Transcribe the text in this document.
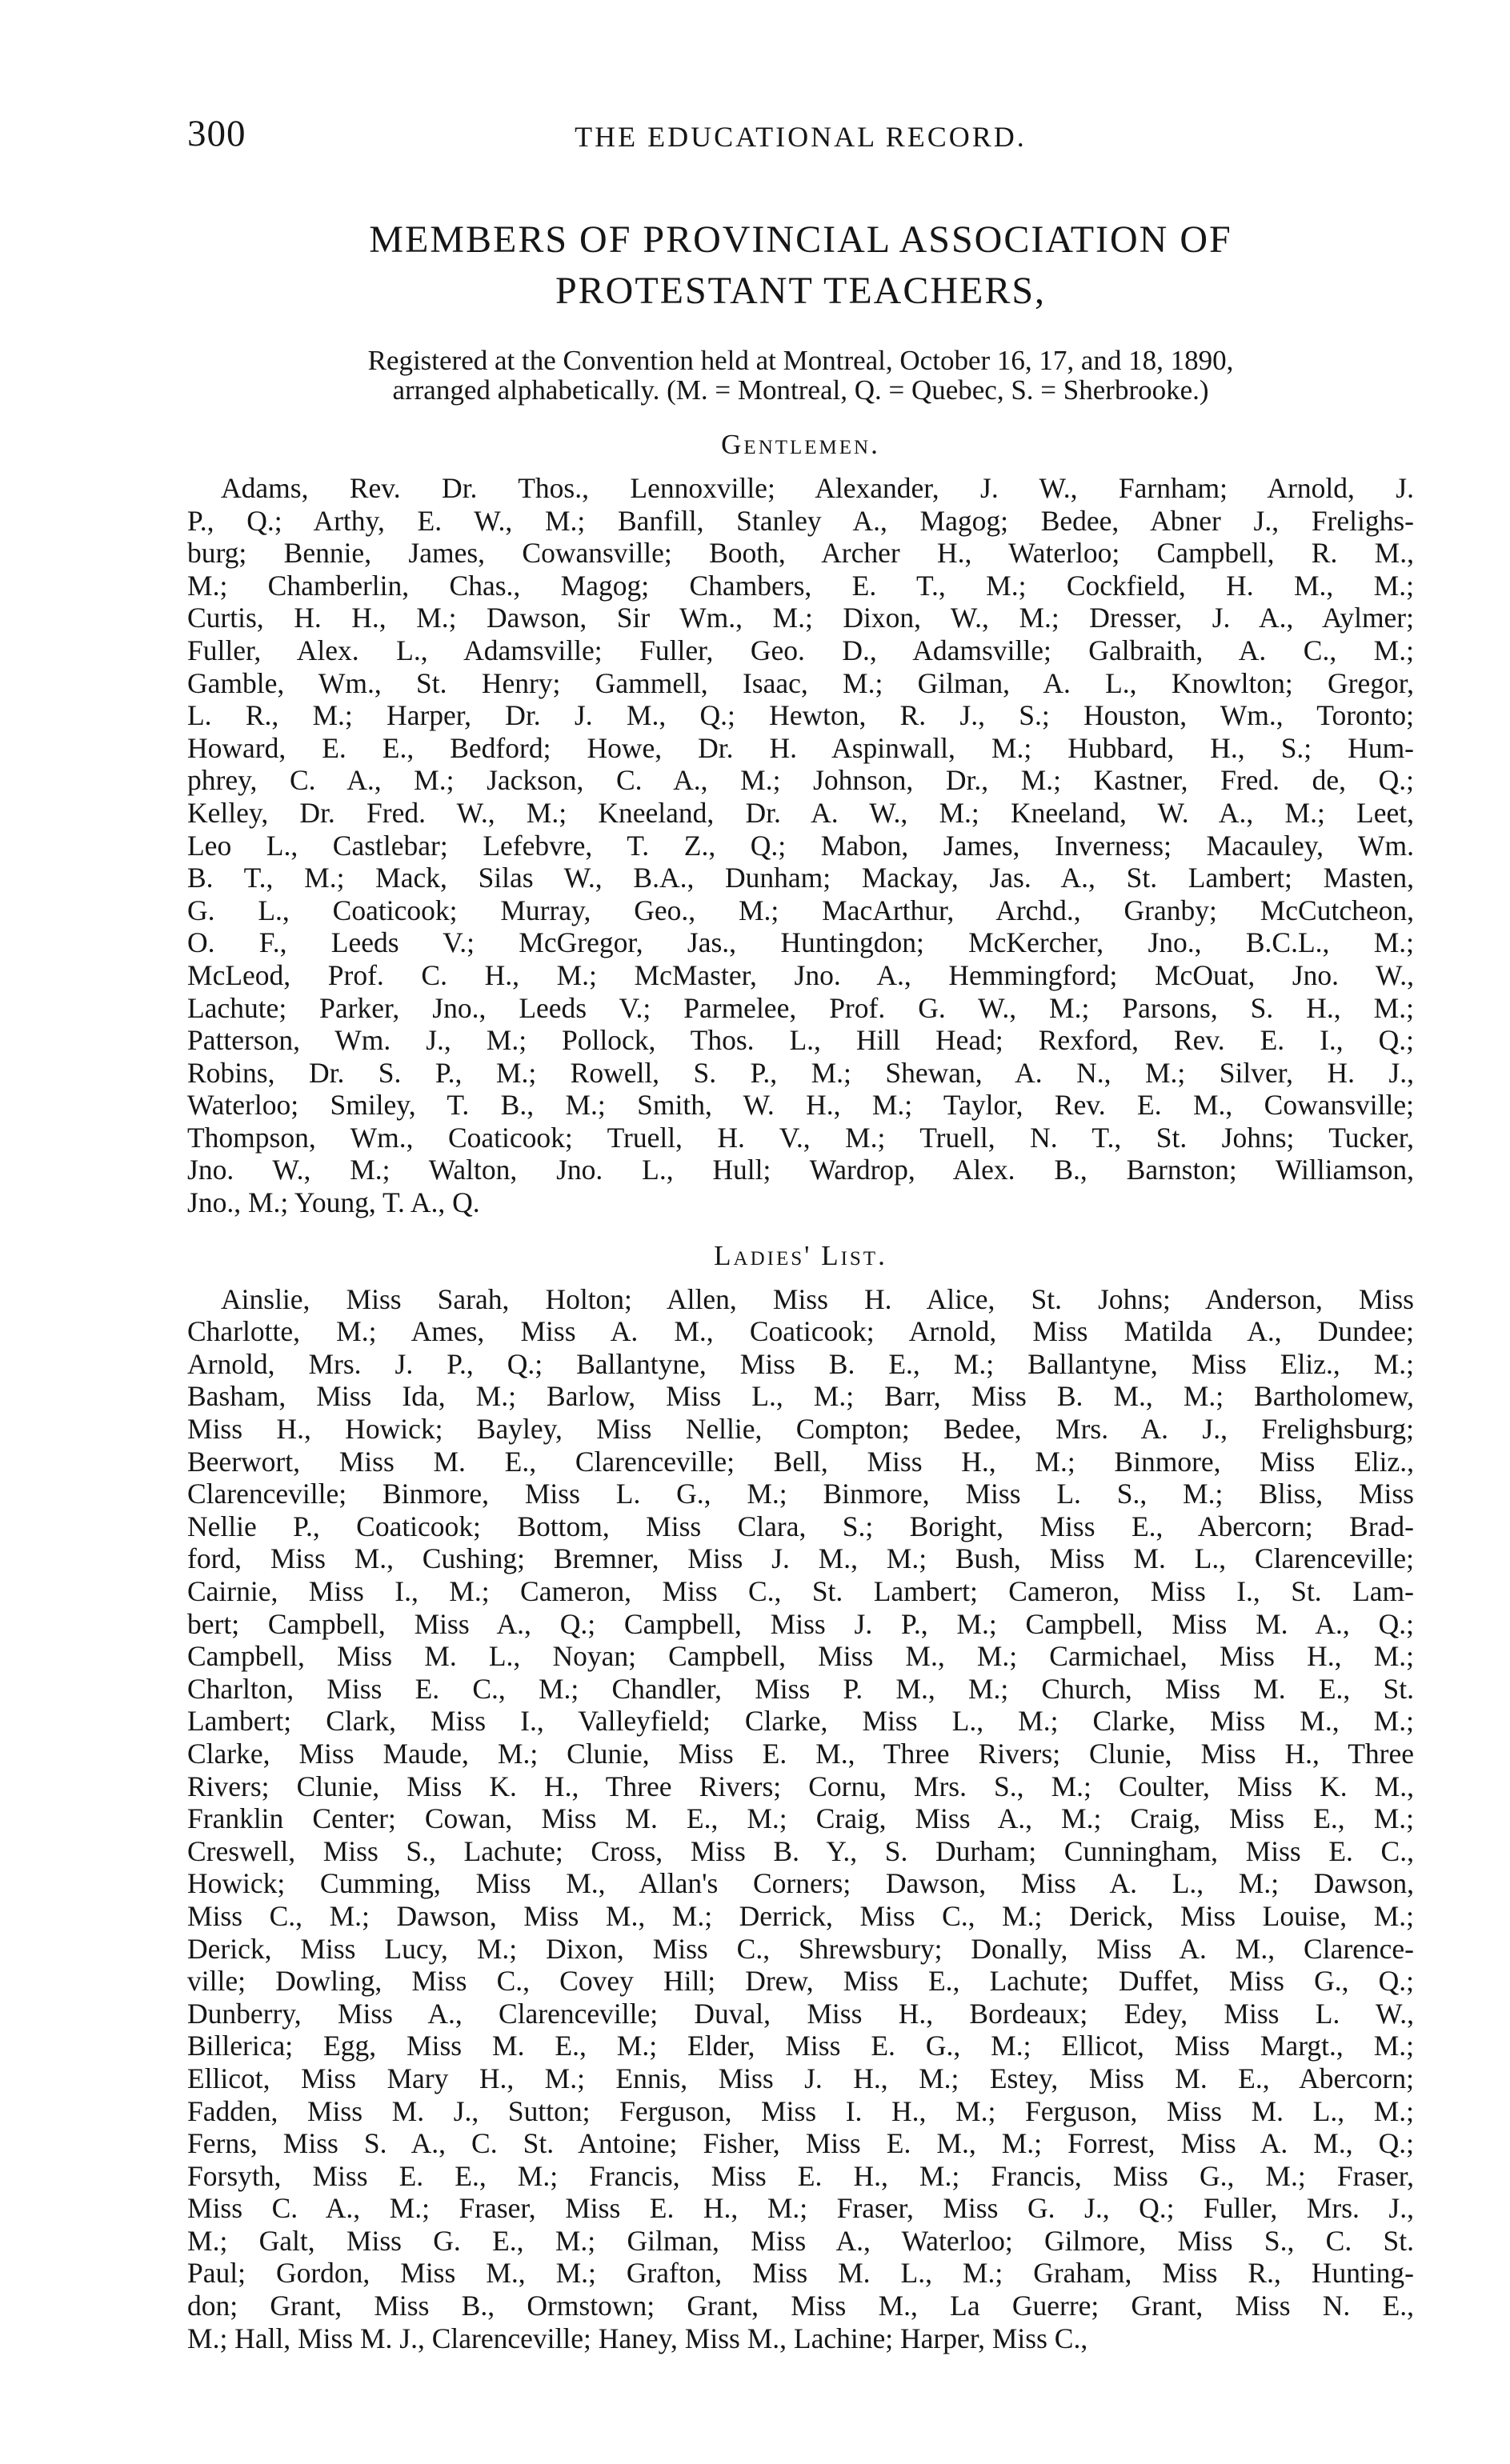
300	THE EDUCATIONAL RECORD.
MEMBERS OF PROVINCIAL ASSOCIATION OF
PROTESTANT TEACHERS,

Registered at the Convention held at Montreal, October 16, 17, and 18, 1890,
arranged alphabetically. (M. = Montreal, Q. = Quebec, S. = Sherbrooke.)

Gentlemen.
Adams, Rev. Dr. Thos., Lennoxville; Alexander, J. W., Farnham; Arnold, J.
P., Q.; Arthy, E. W., M.; Banfill, Stanley A., Magog; Bedee, Abner J., Frelighs-
burg; Bennie, James, Cowansville; Booth, Archer H., Waterloo; Campbell, R. M.,
M.; Chamberlin, Chas., Magog; Chambers, E. T., M.; Cockfield, H. M., M.;
Curtis, H. H., M.; Dawson, Sir Wm., M.; Dixon, W., M.; Dresser, J. A., Aylmer;
Fuller, Alex. L., Adamsville; Fuller, Geo. D., Adamsville; Galbraith, A. C., M.;
Gamble, Wm., St. Henry; Gammell, Isaac, M.; Gilman, A. L., Knowlton; Gregor,
L. R., M.; Harper, Dr. J. M., Q.; Hewton, R. J., S.; Houston, Wm., Toronto;
Howard, E. E., Bedford; Howe, Dr. H. Aspinwall, M.; Hubbard, H., S.; Hum-
phrey, C. A., M.; Jackson, C. A., M.; Johnson, Dr., M.; Kastner, Fred. de, Q.;
Kelley, Dr. Fred. W., M.; Kneeland, Dr. A. W., M.; Kneeland, W. A., M.; Leet,
Leo L., Castlebar; Lefebvre, T. Z., Q.; Mabon, James, Inverness; Macauley, Wm.
B. T., M.; Mack, Silas W., B.A., Dunham; Mackay, Jas. A., St. Lambert; Masten,
G. L., Coaticook; Murray, Geo., M.; MacArthur, Archd., Granby; McCutcheon,
O. F., Leeds V.; McGregor, Jas., Huntingdon; McKercher, Jno., B.C.L., M.;
McLeod, Prof. C. H., M.; McMaster, Jno. A., Hemmingford; McOuat, Jno. W.,
Lachute; Parker, Jno., Leeds V.; Parmelee, Prof. G. W., M.; Parsons, S. H., M.;
Patterson, Wm. J., M.; Pollock, Thos. L., Hill Head; Rexford, Rev. E. I., Q.;
Robins, Dr. S. P., M.; Rowell, S. P., M.; Shewan, A. N., M.; Silver, H. J.,
Waterloo; Smiley, T. B., M.; Smith, W. H., M.; Taylor, Rev. E. M., Cowansville;
Thompson, Wm., Coaticook; Truell, H. V., M.; Truell, N. T., St. Johns; Tucker,
Jno. W., M.; Walton, Jno. L., Hull; Wardrop, Alex. B., Barnston; Williamson,
Jno., M.; Young, T. A., Q.
Ladies' List.
Ainslie, Miss Sarah, Holton; Allen, Miss H. Alice, St. Johns; Anderson, Miss
Charlotte, M.; Ames, Miss A. M., Coaticook; Arnold, Miss Matilda A., Dundee;
Arnold, Mrs. J. P., Q.; Ballantyne, Miss B. E., M.; Ballantyne, Miss Eliz., M.;
Basham, Miss Ida, M.; Barlow, Miss L., M.; Barr, Miss B. M., M.; Bartholomew,
Miss H., Howick; Bayley, Miss Nellie, Compton; Bedee, Mrs. A. J., Frelighsburg;
Beerwort, Miss M. E., Clarenceville; Bell, Miss H., M.; Binmore, Miss Eliz.,
Clarenceville; Binmore, Miss L. G., M.; Binmore, Miss L. S., M.; Bliss, Miss
Nellie P., Coaticook; Bottom, Miss Clara, S.; Boright, Miss E., Abercorn; Brad-
ford, Miss M., Cushing; Bremner, Miss J. M., M.; Bush, Miss M. L., Clarenceville;
Cairnie, Miss I., M.; Cameron, Miss C., St. Lambert; Cameron, Miss I., St. Lam-
bert; Campbell, Miss A., Q.; Campbell, Miss J. P., M.; Campbell, Miss M. A., Q.;
Campbell, Miss M. L., Noyan; Campbell, Miss M., M.; Carmichael, Miss H., M.;
Charlton, Miss E. C., M.; Chandler, Miss P. M., M.; Church, Miss M. E., St.
Lambert; Clark, Miss I., Valleyfield; Clarke, Miss L., M.; Clarke, Miss M., M.;
Clarke, Miss Maude, M.; Clunie, Miss E. M., Three Rivers; Clunie, Miss H., Three
Rivers; Clunie, Miss K. H., Three Rivers; Cornu, Mrs. S., M.; Coulter, Miss K. M.,
Franklin Center; Cowan, Miss M. E., M.; Craig, Miss A., M.; Craig, Miss E., M.;
Creswell, Miss S., Lachute; Cross, Miss B. Y., S. Durham; Cunningham, Miss E. C.,
Howick; Cumming, Miss M., Allan's Corners; Dawson, Miss A. L., M.; Dawson,
Miss C., M.; Dawson, Miss M., M.; Derrick, Miss C., M.; Derick, Miss Louise, M.;
Derick, Miss Lucy, M.; Dixon, Miss C., Shrewsbury; Donally, Miss A. M., Clarence-
ville; Dowling, Miss C., Covey Hill; Drew, Miss E., Lachute; Duffet, Miss G., Q.;
Dunberry, Miss A., Clarenceville; Duval, Miss H., Bordeaux; Edey, Miss L. W.,
Billerica; Egg, Miss M. E., M.; Elder, Miss E. G., M.; Ellicot, Miss Margt., M.;
Ellicot, Miss Mary H., M.; Ennis, Miss J. H., M.; Estey, Miss M. E., Abercorn;
Fadden, Miss M. J., Sutton; Ferguson, Miss I. H., M.; Ferguson, Miss M. L., M.;
Ferns, Miss S. A., C. St. Antoine; Fisher, Miss E. M., M.; Forrest, Miss A. M., Q.;
Forsyth, Miss E. E., M.; Francis, Miss E. H., M.; Francis, Miss G., M.; Fraser,
Miss C. A., M.; Fraser, Miss E. H., M.; Fraser, Miss G. J., Q.; Fuller, Mrs. J.,
M.; Galt, Miss G. E., M.; Gilman, Miss A., Waterloo; Gilmore, Miss S., C. St.
Paul; Gordon, Miss M., M.; Grafton, Miss M. L., M.; Graham, Miss R., Hunting-
don; Grant, Miss B., Ormstown; Grant, Miss M., La Guerre; Grant, Miss N. E.,
M.; Hall, Miss M. J., Clarenceville; Haney, Miss M., Lachine; Harper, Miss C.,
